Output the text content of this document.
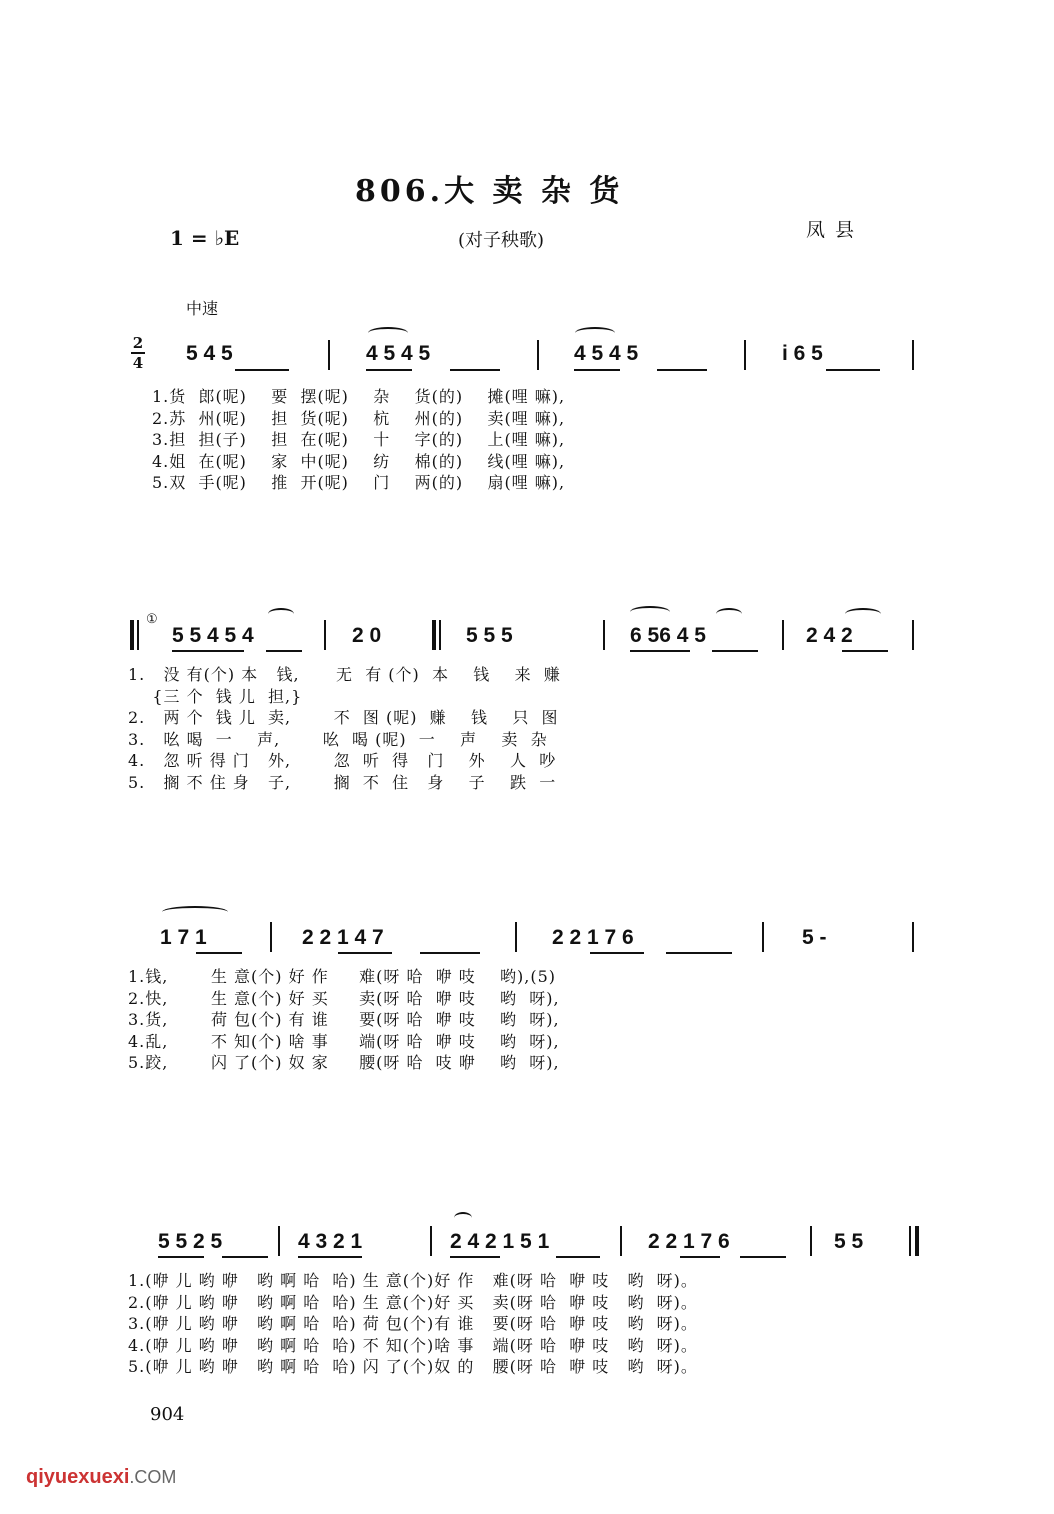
806.大 卖 杂 货
1 = ♭E	(对子秧歌)	凤县
中速
2
4 5 4 5	4 5 4 5	4 5 4 5	i 6 5
1.货  郎(呢)    要  摆(呢)    杂    货(的)    摊(哩 嘛),
2.苏  州(呢)    担  货(呢)    杭    州(的)    卖(哩 嘛),
3.担  担(子)    担  在(呢)    十    字(的)    上(哩 嘛),
4.姐  在(呢)    家  中(呢)    纺    棉(的)    线(哩 嘛),
5.双  手(呢)    推  开(呢)    门    两(的)    扇(哩 嘛),
①
5 5 4 5 4	2 0	5 5 5	6 56 4 5	2 4 2
1.   没 有(个) 本   钱,      无  有 (个)  本    钱    来  赚
{三 个  钱 儿  担,}
2.   两 个  钱 儿  卖,       不  图 (呢)  赚    钱    只  图
3.   吆 喝  一    声,       吆  喝 (呢)  一    声    卖  杂
4.   忽 听 得 门   外,       忽  听  得   门    外    人  吵
5.   搁 不 住 身   子,       搁  不  住   身    子    跌  一
1 7 1	2 2 1 4 7	2 2 1 7 6	5 -
1.钱,       生 意(个) 好 作     难(呀 哈  咿 吱    哟),(5)
2.快,       生 意(个) 好 买     卖(呀 哈  咿 吱    哟  呀),
3.货,       荷 包(个) 有 谁     要(呀 哈  咿 吱    哟  呀),
4.乱,       不 知(个) 啥 事     端(呀 哈  咿 吱    哟  呀),
5.跤,       闪 了(个) 奴 家     腰(呀 哈  吱 咿    哟  呀),
5 5 2 5	4 3 2 1	2 4 2 1 5 1	2 2 1 7 6	5 5
1.(咿 儿 哟 咿   哟 啊 哈  哈) 生 意(个)好 作   难(呀 哈  咿 吱   哟  呀)。
2.(咿 儿 哟 咿   哟 啊 哈  哈) 生 意(个)好 买   卖(呀 哈  咿 吱   哟  呀)。
3.(咿 儿 哟 咿   哟 啊 哈  哈) 荷 包(个)有 谁   要(呀 哈  咿 吱   哟  呀)。
4.(咿 儿 哟 咿   哟 啊 哈  哈) 不 知(个)啥 事   端(呀 哈  咿 吱   哟  呀)。
5.(咿 儿 哟 咿   哟 啊 哈  哈) 闪 了(个)奴 的   腰(呀 哈  咿 吱   哟  呀)。
904
qiyuexuexi.COM
